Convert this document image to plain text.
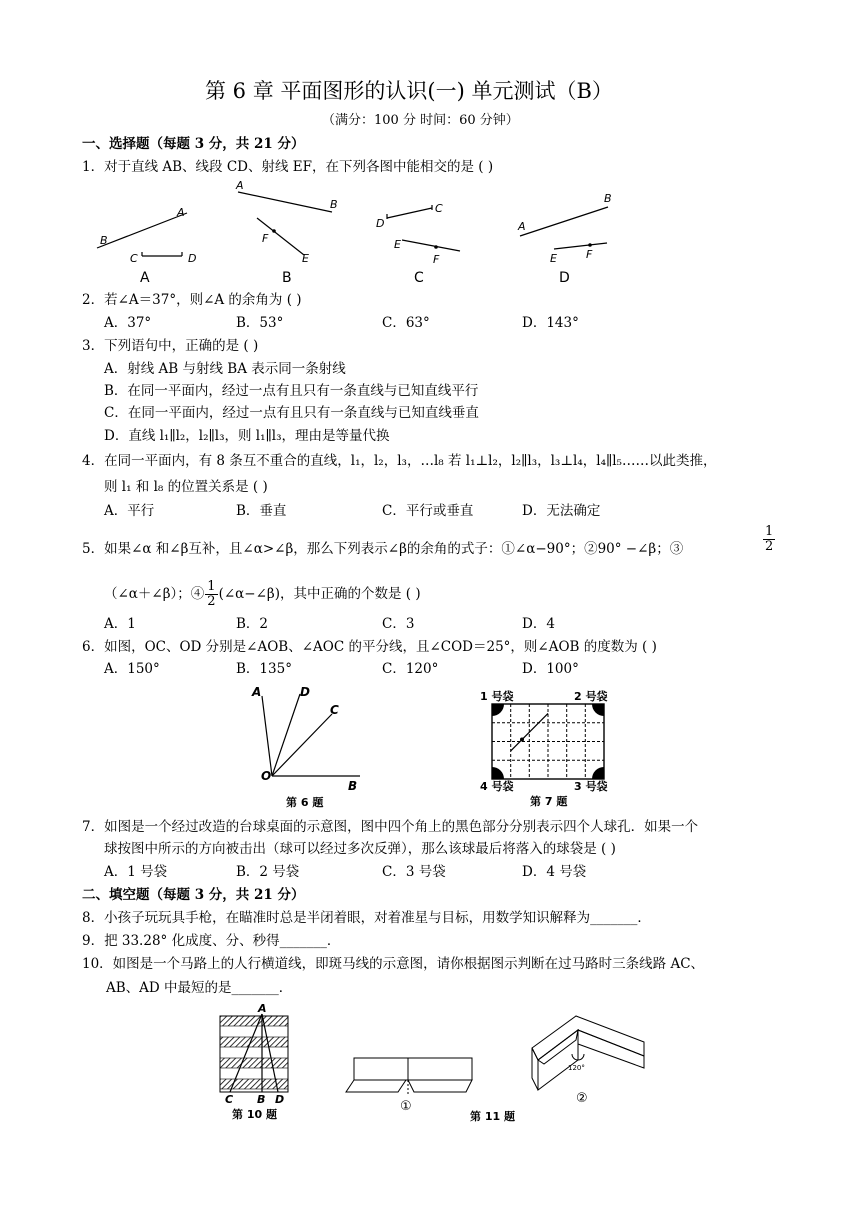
第 6 章 平面图形的认识(一) 单元测试（B）
（满分：100 分 时间：60 分钟）
一、选择题（每题 3 分，共 21 分）
1．对于直线 AB、线段 CD、射线 EF，在下列各图中能相交的是 ( )
B
A
C	D
A
A
B
F
E
B
D
C
E
F
C
A
B
E	F
D
2．若∠A＝37°，则∠A 的余角为 ( )
A．37°	B．53°	C．63°	D．143°
3．下列语句中，正确的是 ( )
A．射线 AB 与射线 BA 表示同一条射线
B．在同一平面内，经过一点有且只有一条直线与已知直线平行
C．在同一平面内，经过一点有且只有一条直线与已知直线垂直
D．直线 l₁∥l₂，l₂∥l₃，则 l₁∥l₃，理由是等量代换
4．在同一平面内，有 8 条互不重合的直线，l₁，l₂，l₃，…l₈ 若 l₁⊥l₂，l₂∥l₃，l₃⊥l₄，l₄∥l₅……以此类推，
则 l₁ 和 l₈ 的位置关系是 ( )
A．平行	B．垂直	C．平行或垂直	D．无法确定
5．如果∠α 和∠β互补，且∠α>∠β，那么下列表示∠β的余角的式子：①∠α−90°；②90° −∠β；③	$\frac{1}{2}$
（∠α＋∠β）；④ $\frac{1}{2}$ (∠α−∠β)，其中正确的个数是 ( )
A．1	B．2	C．3	D．4
6．如图，OC、OD 分别是∠AOB、∠AOC 的平分线，且∠COD＝25°，则∠AOB 的度数为 ( )
A．150°	B．135°	C．120°	D．100°
A	D
C
O
B
第 6 题
1 号袋	2 号袋
3 号袋
4 号袋
第 7 题
7．如图是一个经过改造的台球桌面的示意图，图中四个角上的黑色部分分别表示四个人球孔．如果一个
球按图中所示的方向被击出（球可以经过多次反弹），那么该球最后将落入的球袋是 ( )
A．1 号袋	B．2 号袋	C．3 号袋	D．4 号袋
二、填空题（每题 3 分，共 21 分）
8．小孩子玩玩具手枪，在瞄准时总是半闭着眼，对着准星与目标，用数学知识解释为_______．
9．把 33.28° 化成度、分、秒得_______．
10．如图是一个马路上的人行横道线，即斑马线的示意图，请你根据图示判断在过马路时三条线路 AC、
AB、AD 中最短的是_______．
A
C B D
第 10 题
①
120°
②
第 11 题
